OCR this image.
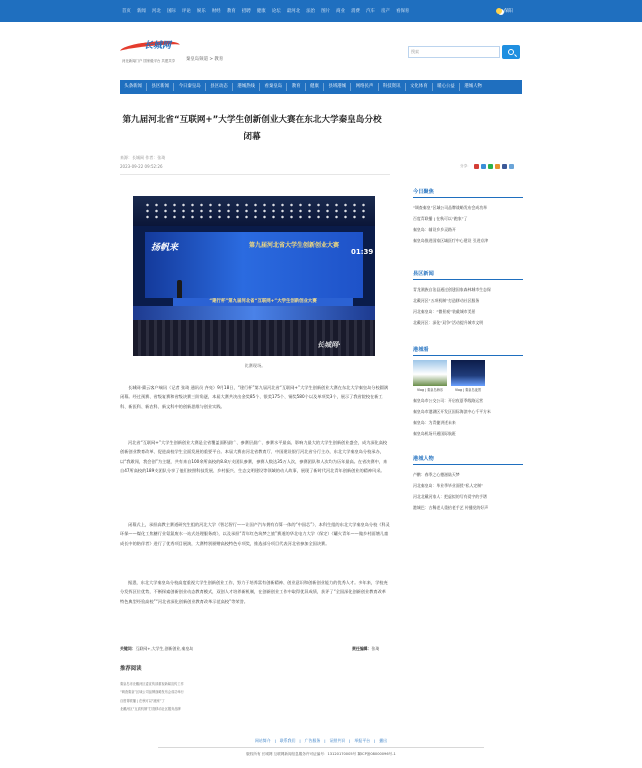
首页 新闻 河北 国际 评论 娱乐 财经 教育 招聘 健康 论坛 最河北 法治 图片 商业 消费 汽车 房产 看保育	保阳
长城网
河北新闻门户 国家级平台 共建共享 秦皇岛频道 > 教育
搜索
头条新闻	县区新闻	今日秦皇岛	县区动态	港城热线	看秦皇岛	教育	健康	县域港城	网络民声	科技资讯	文化体育	暖心公益	港城人物
第九届河北省“互联网+”大学生创新创业大赛在东北大学秦皇岛分校闭幕
来源：长城网 作者：张琦
2023-09-22 09:52:26	分享：
扬帆来	第九届河北省大学生创新创业大赛
01:39
“建行杯”第九届河北省“互联网+”大学生创新创业大赛
长城网·
比赛现场。
长城网·冀云客户端讯（记者 张琦 通讯员 齐亮）9月18日，“建行杯”第九届河北省“互联网+”大学生创新创业大赛在东北大学秦皇岛分校圆满闭幕。经过预赛、省级复赛和省级决赛三阶角逐，本届大赛共决出金奖85个、银奖175个、铜奖580个以及单项奖3个，展示了我省院校在新工科、新医科、新农科、新文科中的创新思维与创业实践。
河北省“互联网+”大学生创新创业大赛是全省覆盖面积最广、参赛层最广、参赛水平最高、影响力最大的大学生创新创业盛会，成为深化高校创新创业教育改革、促进高校学生全面发展的重要平台。本届大赛由河北省教育厅、中国建设银行河北省分行主办，东北大学秦皇岛分校承办，以“我敢闯，我会创”为主题，共有来自100余所高校的8.8万支团队参赛，参赛人数达35万人次，参赛团队和人次均为历年最高。在省决赛中，来自47所高校的189支团队分享了他们按照科技发展、乡村振兴、生态文明建设等领域的动人故事，展现了新时代河北青年创新创业的精神风采。
闭幕式上，承担高教主赛道研究生组的河北大学《智芯智行——让国产汽车拥有存算一体的“中国芯”》、本科生组的东北大学秦皇岛分校《科灵环保——煤化工焦糖行业氨氮废水一站式处理服务商》，以及承担“青年红色筑梦之旅”赛道的华北电力大学（保定）《罐火青年——做乡村面塘儿童成长中的陪伴者》进行了优秀项目展演，大赛特别颁赠高校特色专项奖，推选部分项目代表河北省参加全国决赛。
据悉，东北大学秦皇岛分校高度重视大学生创新创业工作，努力于培养富有创新精神、创业意识和创新创业能力的优秀人才。多年来，学校充分发挥区位优势，不断探索创新创业动态教育模式，双创人才培养新机制，在创新创业工作中取得优异成绩，获评了“全国深化创新创业教育改革特色典型经验高校”“河北省深化创新创业教育改革示范高校”等荣誉。
关键词：互联网+,大学生,创新创业,秦皇岛	责任编辑：张琦
推荐阅读
秦皇岛市北戴河区委宣传部重视新闻宣传工作
“调查秦皇”区域公司品牌战略发布会成功举行
百度青联播 | 在秋可以“跑家”了
北戴河区“互质机制”打造移动社区服务品牌
今日聚焦
“调查秦皇”区域公司品牌战略发布会成功举
百度青联播 | 在秋可以“跑家”了
秦皇岛：辅设乡乡灵路开
秦皇岛推进国家区域医疗中心建设 引进京津
县区新闻
青龙满族自治县通过创建国家森林城市生态保
北戴河区“五项机制”打造移动社区服务
河北秦皇岛：“微景观”装截城市美景
北戴河区：深化“双争”活动提升城市文明
港城看
Vlog | 秦皇岛海乐	Vlog | 秦皇岛夜景
秦皇岛市公交公司：开启夜夏季线路运营
秦皇岛市港湖区开发区国际海滨中心千平方米
秦皇岛：为青捷讲述未来
秦皇岛机场开通国际航班
港城人物
卢鹏：春季之心德滋陆天梦
河北秦皇岛：毕业季毕业面授“私人定制”
河北北戴河家人：把虚拟的写有爱字的手谱
港城巴：古稀老人重拾老手艺 传播党的好声
网站简介 | 联系我们 | 广告服务 | 证照共识 | 举报平台 | 播出
版权所有 长城网 互联网新闻信息服务许可证编号：13120170005号 冀ICP备08000096号-1
